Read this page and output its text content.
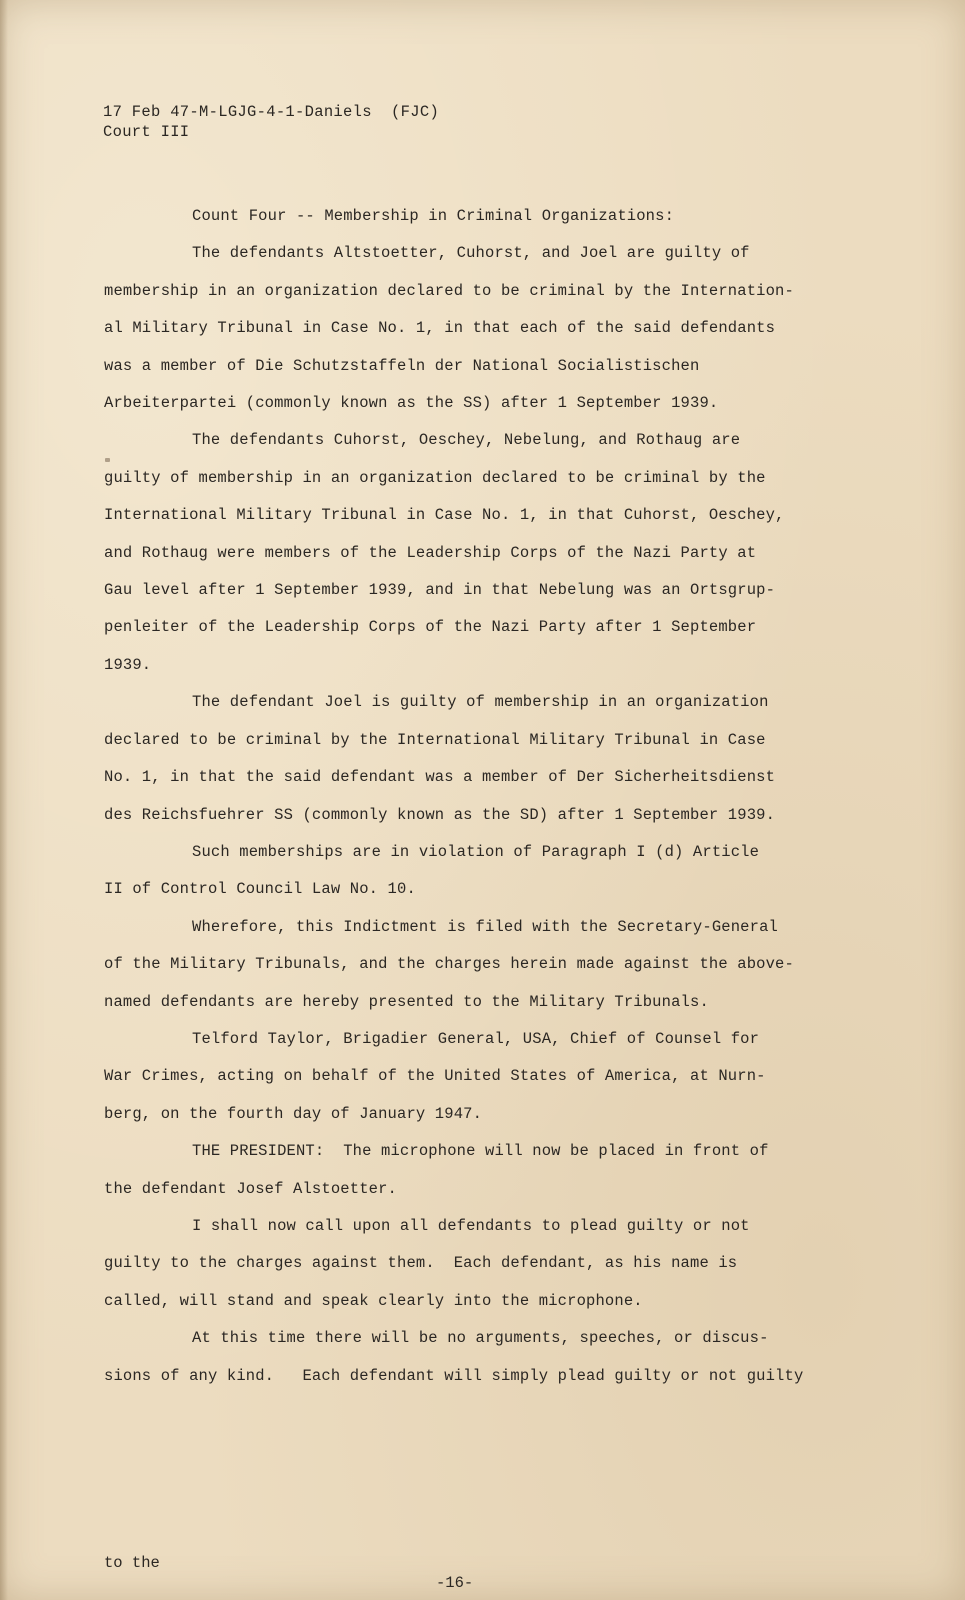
17 Feb 47-M-LGJG-4-1-Daniels  (FJC)
Court III
Count Four -- Membership in Criminal Organizations:
The defendants Altstoetter, Cuhorst, and Joel are guilty of
membership in an organization declared to be criminal by the Internation-
al Military Tribunal in Case No. 1, in that each of the said defendants
was a member of Die Schutzstaffeln der National Socialistischen
Arbeiterpartei (commonly known as the SS) after 1 September 1939.
The defendants Cuhorst, Oeschey, Nebelung, and Rothaug are
guilty of membership in an organization declared to be criminal by the
International Military Tribunal in Case No. 1, in that Cuhorst, Oeschey,
and Rothaug were members of the Leadership Corps of the Nazi Party at
Gau level after 1 September 1939, and in that Nebelung was an Ortsgrup-
penleiter of the Leadership Corps of the Nazi Party after 1 September
1939.
The defendant Joel is guilty of membership in an organization
declared to be criminal by the International Military Tribunal in Case
No. 1, in that the said defendant was a member of Der Sicherheitsdienst
des Reichsfuehrer SS (commonly known as the SD) after 1 September 1939.
Such memberships are in violation of Paragraph I (d) Article
II of Control Council Law No. 10.
Wherefore, this Indictment is filed with the Secretary-General
of the Military Tribunals, and the charges herein made against the above-
named defendants are hereby presented to the Military Tribunals.
Telford Taylor, Brigadier General, USA, Chief of Counsel for
War Crimes, acting on behalf of the United States of America, at Nurn-
berg, on the fourth day of January 1947.
THE PRESIDENT:  The microphone will now be placed in front of
the defendant Josef Alstoetter.
I shall now call upon all defendants to plead guilty or not
guilty to the charges against them.  Each defendant, as his name is
called, will stand and speak clearly into the microphone.
At this time there will be no arguments, speeches, or discus-
sions of any kind.   Each defendant will simply plead guilty or not guilty

to the

-16-
